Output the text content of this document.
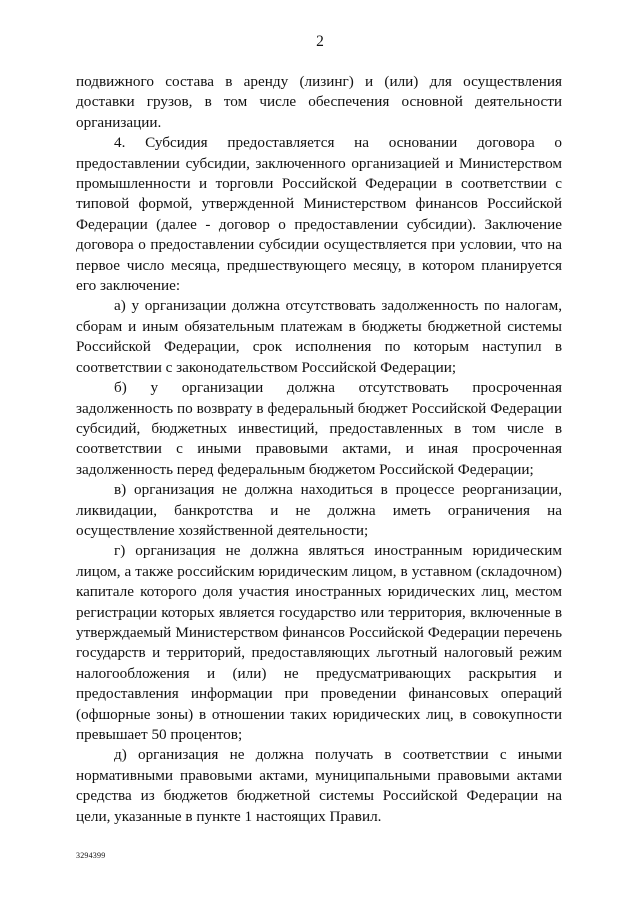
2

подвижного состава в аренду (лизинг) и (или) для осуществления доставки грузов, в том числе обеспечения основной деятельности организации.

4. Субсидия предоставляется на основании договора о предоставлении субсидии, заключенного организацией и Министерством промышленности и торговли Российской Федерации в соответствии с типовой формой, утвержденной Министерством финансов Российской Федерации (далее - договор о предоставлении субсидии). Заключение договора о предоставлении субсидии осуществляется при условии, что на первое число месяца, предшествующего месяцу, в котором планируется его заключение:

а) у организации должна отсутствовать задолженность по налогам, сборам и иным обязательным платежам в бюджеты бюджетной системы Российской Федерации, срок исполнения по которым наступил в соответствии с законодательством Российской Федерации;

б) у организации должна отсутствовать просроченная задолженность по возврату в федеральный бюджет Российской Федерации субсидий, бюджетных инвестиций, предоставленных в том числе в соответствии с иными правовыми актами, и иная просроченная задолженность перед федеральным бюджетом Российской Федерации;

в) организация не должна находиться в процессе реорганизации, ликвидации, банкротства и не должна иметь ограничения на осуществление хозяйственной деятельности;

г) организация не должна являться иностранным юридическим лицом, а также российским юридическим лицом, в уставном (складочном) капитале которого доля участия иностранных юридических лиц, местом регистрации которых является государство или территория, включенные в утверждаемый Министерством финансов Российской Федерации перечень государств и территорий, предоставляющих льготный налоговый режим налогообложения и (или) не предусматривающих раскрытия и предоставления информации при проведении финансовых операций (офшорные зоны) в отношении таких юридических лиц, в совокупности превышает 50 процентов;

д) организация не должна получать в соответствии с иными нормативными правовыми актами, муниципальными правовыми актами средства из бюджетов бюджетной системы Российской Федерации на цели, указанные в пункте 1 настоящих Правил.

3294399
